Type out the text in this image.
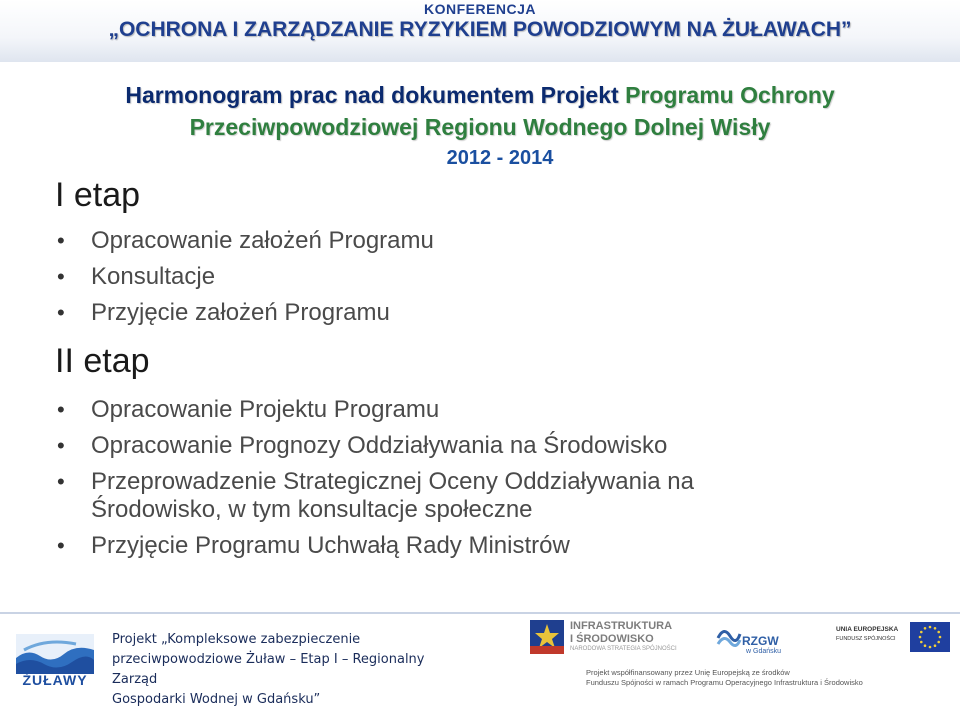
KONFERENCJA
„OCHRONA I ZARZĄDZANIE RYZYKIEM POWODZIOWYM NA ŻUŁAWACH”
Harmonogram prac nad dokumentem Projekt Programu Ochrony
Przeciwpowodziowej Regionu Wodnego Dolnej Wisły
2012 - 2014
I etap
• Opracowanie założeń Programu
• Konsultacje
• Przyjęcie założeń Programu
II etap
• Opracowanie Projektu Programu
• Opracowanie Prognozy Oddziaływania na Środowisko
• Przeprowadzenie Strategicznej Oceny Oddziaływania na
Środowisko, w tym konsultacje społeczne
• Przyjęcie Programu Uchwałą Rady Ministrów
ŻUŁAWY
Projekt „Kompleksowe zabezpieczenie
przeciwpowodziowe Żuław – Etap I – Regionalny Zarząd
Gospodarki Wodnej w Gdańsku”
INFRASTRUKTURA
I ŚRODOWISKO
NARODOWA STRATEGIA SPÓJNOŚCI
RZGW
w Gdańsku
UNIA EUROPEJSKA
FUNDUSZ SPÓJNOŚCI
Projekt współfinansowany przez Unię Europejską ze środków
Funduszu Spójności w ramach Programu Operacyjnego Infrastruktura i Środowisko
